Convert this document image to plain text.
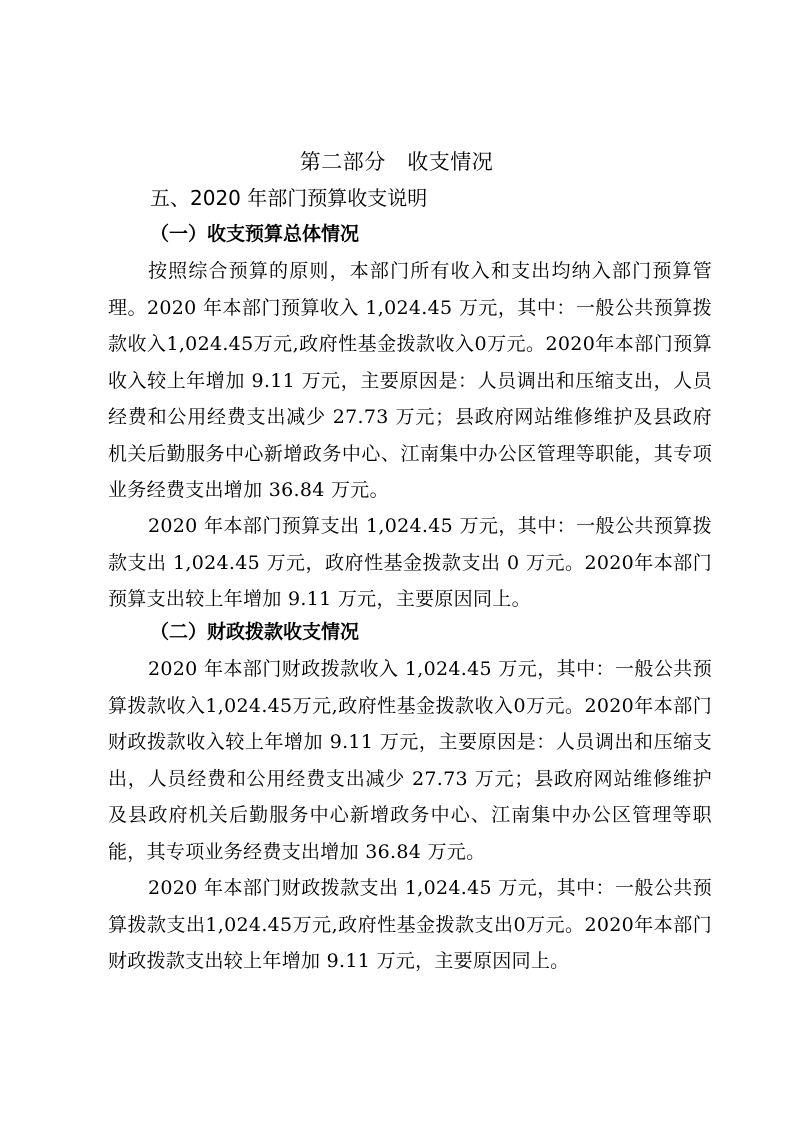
第二部分　收支情况
五、2020 年部门预算收支说明
（一）收支预算总体情况

按照综合预算的原则，本部门所有收入和支出均纳入部门预算管理。2020 年本部门预算收入 1,024.45 万元，其中：一般公共预算拨款收入1,024.45万元,政府性基金拨款收入0万元。2020年本部门预算收入较上年增加 9.11 万元，主要原因是：人员调出和压缩支出，人员经费和公用经费支出减少 27.73 万元；县政府网站维修维护及县政府机关后勤服务中心新增政务中心、江南集中办公区管理等职能，其专项业务经费支出增加 36.84 万元。

2020 年本部门预算支出 1,024.45 万元，其中：一般公共预算拨款支出 1,024.45 万元，政府性基金拨款支出 0 万元。2020年本部门预算支出较上年增加 9.11 万元，主要原因同上。

（二）财政拨款收支情况

2020 年本部门财政拨款收入 1,024.45 万元，其中：一般公共预算拨款收入1,024.45万元,政府性基金拨款收入0万元。2020年本部门财政拨款收入较上年增加 9.11 万元，主要原因是：人员调出和压缩支出，人员经费和公用经费支出减少 27.73 万元；县政府网站维修维护及县政府机关后勤服务中心新增政务中心、江南集中办公区管理等职能，其专项业务经费支出增加 36.84 万元。

2020 年本部门财政拨款支出 1,024.45 万元，其中：一般公共预算拨款支出1,024.45万元,政府性基金拨款支出0万元。2020年本部门财政拨款支出较上年增加 9.11 万元，主要原因同上。
